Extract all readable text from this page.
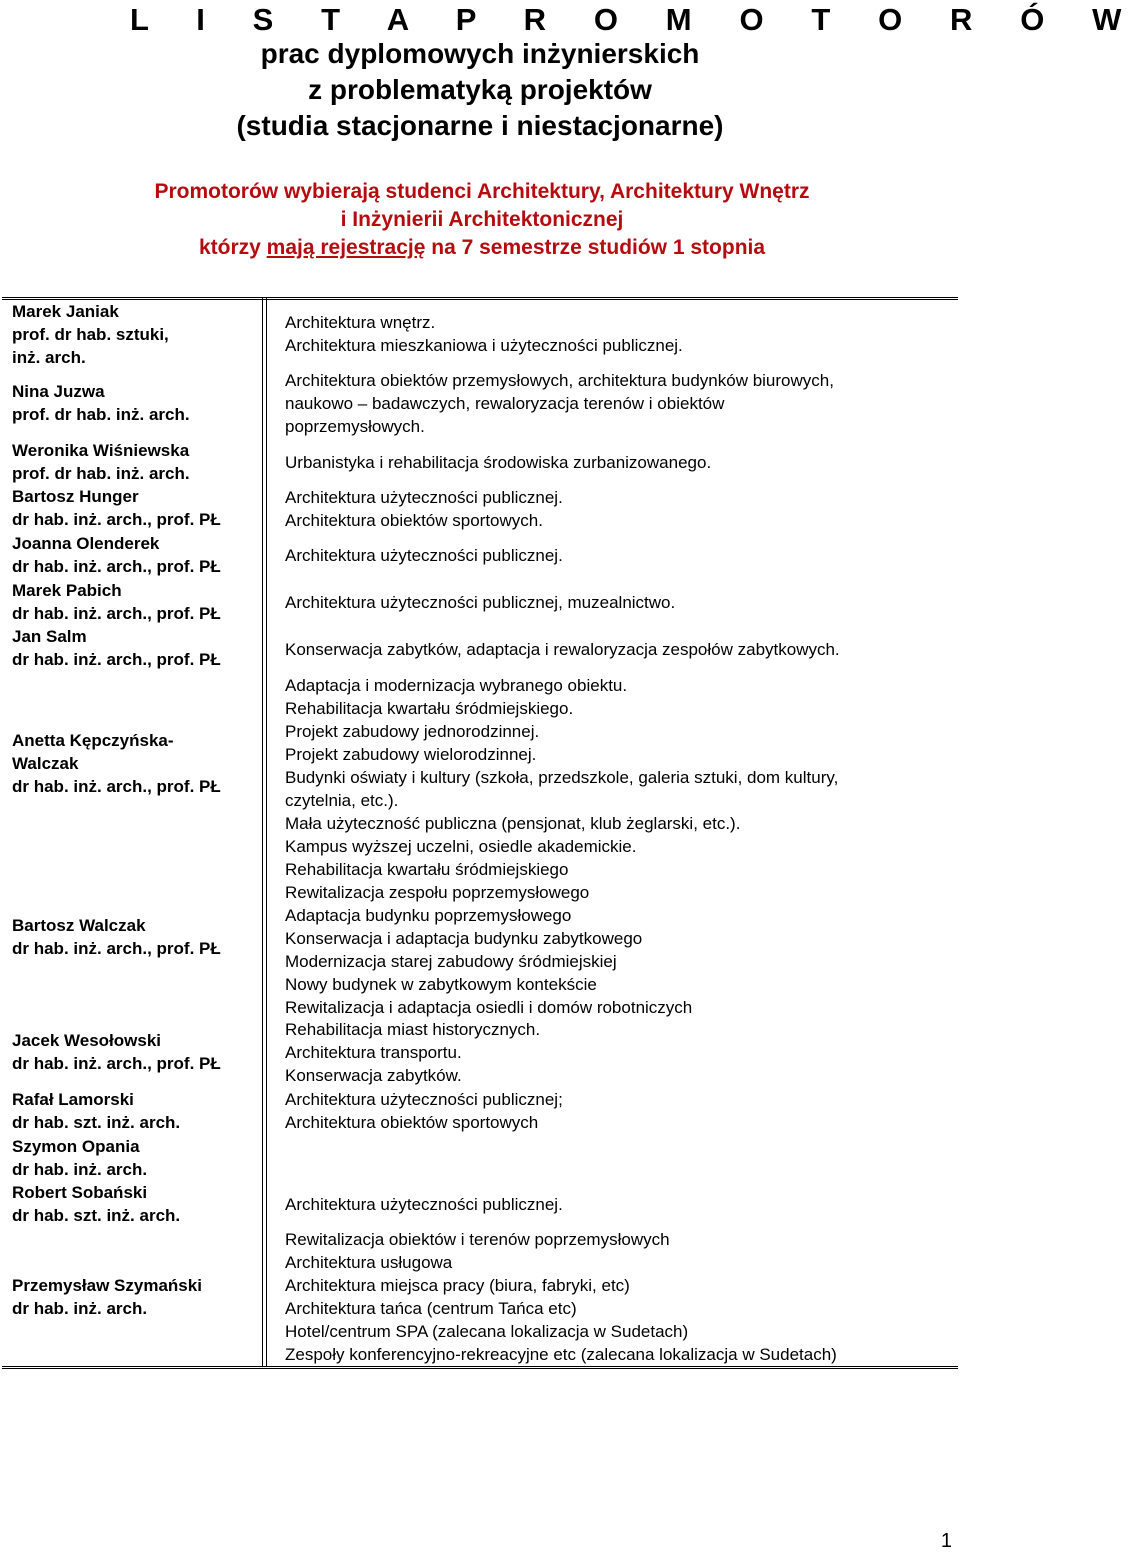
L I S T A P R O M O T O R Ó W
prac dyplomowych inżynierskich
z problematyką projektów
(studia stacjonarne i niestacjonarne)
Promotorów wybierają studenci Architektury, Architektury Wnętrz
i Inżynierii Architektonicznej
którzy mają rejestrację na 7 semestrze studiów 1 stopnia
Marek Janiak
prof. dr hab. sztuki,
inż. arch.
Nina Juzwa
prof. dr hab. inż. arch.
Weronika Wiśniewska
prof. dr hab. inż. arch.
Bartosz Hunger
dr hab. inż. arch., prof. PŁ
Joanna Olenderek
dr hab. inż. arch., prof. PŁ
Marek Pabich
dr hab. inż. arch., prof. PŁ
Jan Salm
dr hab. inż. arch., prof. PŁ
Anetta Kępczyńska-
Walczak
dr hab. inż. arch., prof. PŁ
Bartosz Walczak
dr hab. inż. arch., prof. PŁ
Jacek Wesołowski
dr hab. inż. arch., prof. PŁ
Rafał Lamorski
dr hab. szt. inż. arch.
Szymon Opania
dr hab. inż. arch.
Robert Sobański
dr hab. szt. inż. arch.
Przemysław Szymański
dr hab. inż. arch.
Architektura wnętrz.
Architektura mieszkaniowa i użyteczności publicznej.
Architektura obiektów przemysłowych, architektura budynków biurowych,
naukowo – badawczych, rewaloryzacja terenów i obiektów
poprzemysłowych.
Urbanistyka i rehabilitacja środowiska zurbanizowanego.
Architektura użyteczności publicznej.
Architektura obiektów sportowych.
Architektura użyteczności publicznej.
Architektura użyteczności publicznej, muzealnictwo.
Konserwacja zabytków, adaptacja i rewaloryzacja zespołów zabytkowych.
Adaptacja i modernizacja wybranego obiektu.
Rehabilitacja kwartału śródmiejskiego.
Projekt zabudowy jednorodzinnej.
Projekt zabudowy wielorodzinnej.
Budynki oświaty i kultury (szkoła, przedszkole, galeria sztuki, dom kultury,
czytelnia, etc.).
Mała użyteczność publiczna (pensjonat, klub żeglarski, etc.).
Kampus wyższej uczelni, osiedle akademickie.
Rehabilitacja kwartału śródmiejskiego
Rewitalizacja zespołu poprzemysłowego
Adaptacja budynku poprzemysłowego
Konserwacja i adaptacja budynku zabytkowego
Modernizacja starej zabudowy śródmiejskiej
Nowy budynek w zabytkowym kontekście
Rewitalizacja i adaptacja osiedli i domów robotniczych
Rehabilitacja miast historycznych.
Architektura transportu.
Konserwacja zabytków.
Architektura użyteczności publicznej;
Architektura obiektów sportowych
Architektura użyteczności publicznej.
Rewitalizacja obiektów i terenów poprzemysłowych
Architektura usługowa
Architektura miejsca pracy (biura, fabryki, etc)
Architektura tańca (centrum Tańca etc)
Hotel/centrum SPA (zalecana lokalizacja w Sudetach)
Zespoły konferencyjno-rekreacyjne etc (zalecana lokalizacja w Sudetach)
1
